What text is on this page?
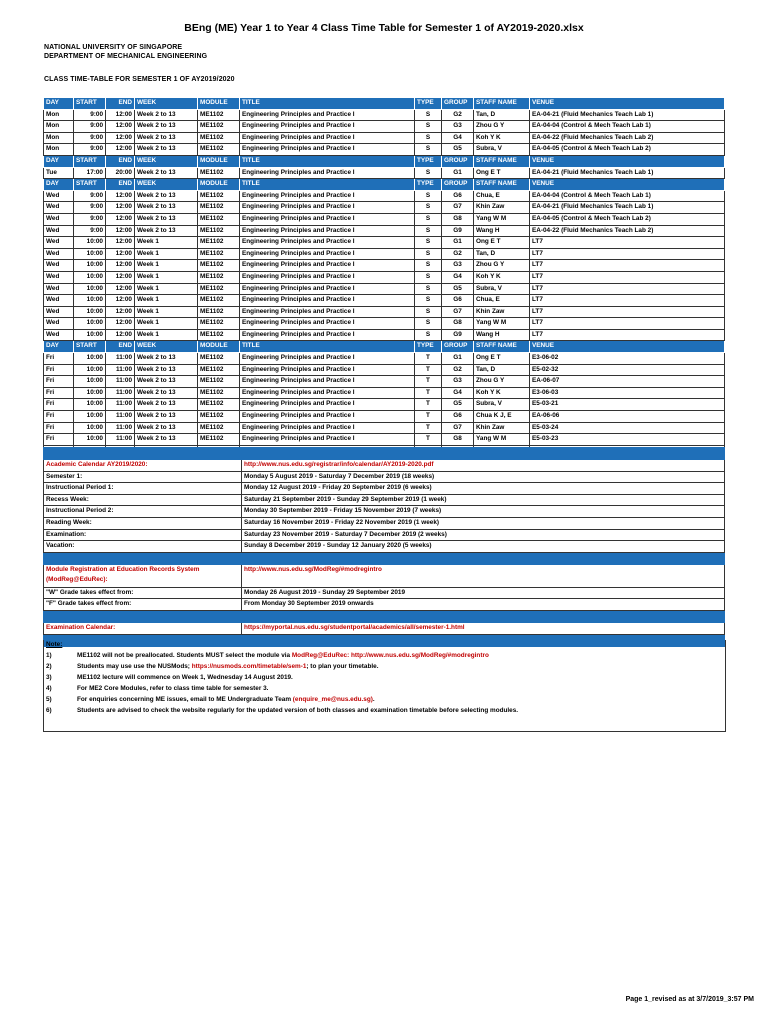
BEng (ME) Year 1 to Year 4 Class Time Table for Semester 1 of AY2019-2020.xlsx
NATIONAL UNIVERSITY OF SINGAPORE
DEPARTMENT OF MECHANICAL ENGINEERING
CLASS TIME-TABLE FOR SEMESTER 1 OF AY2019/2020
DAY	START	END	WEEK	MODULE	TITLE	TYPE	GROUP	STAFF NAME	VENUE
Mon	9:00	12:00	Week 2 to 13	ME1102	Engineering Principles and Practice I	S	G2	Tan, D	EA-04-21 (Fluid Mechanics Teach Lab 1)
Mon	9:00	12:00	Week 2 to 13	ME1102	Engineering Principles and Practice I	S	G3	Zhou G Y	EA-04-04 (Control & Mech Teach Lab 1)
Mon	9:00	12:00	Week 2 to 13	ME1102	Engineering Principles and Practice I	S	G4	Koh Y K	EA-04-22 (Fluid Mechanics Teach Lab 2)
Mon	9:00	12:00	Week 2 to 13	ME1102	Engineering Principles and Practice I	S	G5	Subra, V	EA-04-05 (Control & Mech Teach Lab 2)
DAY	START	END	WEEK	MODULE	TITLE	TYPE	GROUP	STAFF NAME	VENUE
Tue	17:00	20:00	Week 2 to 13	ME1102	Engineering Principles and Practice I	S	G1	Ong E T	EA-04-21 (Fluid Mechanics Teach Lab 1)
DAY	START	END	WEEK	MODULE	TITLE	TYPE	GROUP	STAFF NAME	VENUE
Wed	9:00	12:00	Week 2 to 13	ME1102	Engineering Principles and Practice I	S	G6	Chua, E	EA-04-04 (Control & Mech Teach Lab 1)
Wed	9:00	12:00	Week 2 to 13	ME1102	Engineering Principles and Practice I	S	G7	Khin Zaw	EA-04-21 (Fluid Mechanics Teach Lab 1)
Wed	9:00	12:00	Week 2 to 13	ME1102	Engineering Principles and Practice I	S	G8	Yang W M	EA-04-05 (Control & Mech Teach Lab 2)
Wed	9:00	12:00	Week 2 to 13	ME1102	Engineering Principles and Practice I	S	G9	Wang H	EA-04-22 (Fluid Mechanics Teach Lab 2)
Wed	10:00	12:00	Week 1	ME1102	Engineering Principles and Practice I	S	G1	Ong E T	LT7
Wed	10:00	12:00	Week 1	ME1102	Engineering Principles and Practice I	S	G2	Tan, D	LT7
Wed	10:00	12:00	Week 1	ME1102	Engineering Principles and Practice I	S	G3	Zhou G Y	LT7
Wed	10:00	12:00	Week 1	ME1102	Engineering Principles and Practice I	S	G4	Koh Y K	LT7
Wed	10:00	12:00	Week 1	ME1102	Engineering Principles and Practice I	S	G5	Subra, V	LT7
Wed	10:00	12:00	Week 1	ME1102	Engineering Principles and Practice I	S	G6	Chua, E	LT7
Wed	10:00	12:00	Week 1	ME1102	Engineering Principles and Practice I	S	G7	Khin Zaw	LT7
Wed	10:00	12:00	Week 1	ME1102	Engineering Principles and Practice I	S	G8	Yang W M	LT7
Wed	10:00	12:00	Week 1	ME1102	Engineering Principles and Practice I	S	G9	Wang H	LT7
DAY	START	END	WEEK	MODULE	TITLE	TYPE	GROUP	STAFF NAME	VENUE
Fri	10:00	11:00	Week 2 to 13	ME1102	Engineering Principles and Practice I	T	G1	Ong E T	E3-06-02
Fri	10:00	11:00	Week 2 to 13	ME1102	Engineering Principles and Practice I	T	G2	Tan, D	E5-02-32
Fri	10:00	11:00	Week 2 to 13	ME1102	Engineering Principles and Practice I	T	G3	Zhou G Y	EA-06-07
Fri	10:00	11:00	Week 2 to 13	ME1102	Engineering Principles and Practice I	T	G4	Koh Y K	E3-06-03
Fri	10:00	11:00	Week 2 to 13	ME1102	Engineering Principles and Practice I	T	G5	Subra, V	E5-03-21
Fri	10:00	11:00	Week 2 to 13	ME1102	Engineering Principles and Practice I	T	G6	Chua K J, E	EA-06-06
Fri	10:00	11:00	Week 2 to 13	ME1102	Engineering Principles and Practice I	T	G7	Khin Zaw	E5-03-24
Fri	10:00	11:00	Week 2 to 13	ME1102	Engineering Principles and Practice I	T	G8	Yang W M	E5-03-23

Academic Calendar AY2019/2020:	http://www.nus.edu.sg/registrar/info/calendar/AY2019-2020.pdf
Semester 1:	Monday 5 August 2019 - Saturday 7 December 2019 (18 weeks)
Instructional Period 1:	Monday 12 August 2019 - Friday 20 September 2019 (6 weeks)
Recess Week:	Saturday 21 September 2019 - Sunday 29 September 2019 (1 week)
Instructional Period 2:	Monday 30 September 2019 - Friday 15 November 2019 (7 weeks)
Reading Week:	Saturday 16 November 2019 - Friday 22 November 2019 (1 week)
Examination:	Saturday 23 November 2019 - Saturday 7 December 2019 (2 weeks)
Vacation:	Sunday 8 December 2019 - Sunday 12 January 2020 (5 weeks)

Module Registration at Education Records System (ModReg@EduRec):	http://www.nus.edu.sg/ModReg/#modregintro
"W" Grade takes effect from:	Monday 26 August 2019 - Sunday 29 September 2019
"F" Grade takes effect from:	From Monday 30 September 2019 onwards

Examination Calendar:	https://myportal.nus.edu.sg/studentportal/academics/all/semester-1.html

Note:
1)	ME1102 will not be preallocated. Students MUST select the module via ModReg@EduRec: http://www.nus.edu.sg/ModReg/#modregintro
2)	Students may use use the NUSMods; https://nusmods.com/timetable/sem-1; to plan your timetable.
3)	ME1102 lecture will commence on Week 1, Wednesday 14 August 2019.
4)	For ME2 Core Modules, refer to class time table for semester 3.
5)	For enquiries concerning ME issues, email to ME Undergraduate Team (enquire_me@nus.edu.sg).
6)	Students are advised to check the website regularly for the updated version of both classes and examination timetable before selecting modules.
Page 1_revised as at 3/7/2019_3:57 PM
